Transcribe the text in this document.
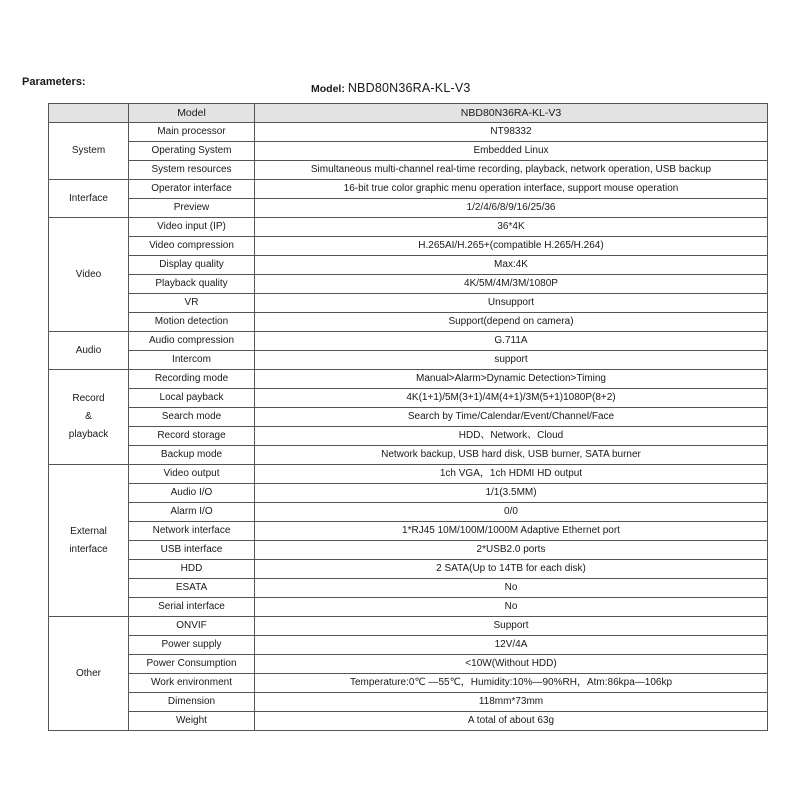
Parameters:
Model: NBD80N36RA-KL-V3
	Model	NBD80N36RA-KL-V3
System	Main processor	NT98332
	Operating System	Embedded Linux
	System resources	Simultaneous multi-channel real-time recording, playback, network operation, USB backup
Interface	Operator interface	16-bit true color graphic menu operation interface, support mouse operation
	Preview	1/2/4/6/8/9/16/25/36
Video	Video input (IP)	36*4K
	Video compression	H.265AI/H.265+(compatible H.265/H.264)
	Display quality	Max:4K
	Playback quality	4K/5M/4M/3M/1080P
	VR	Unsupport
	Motion detection	Support(depend on camera)
Audio	Audio compression	G.711A
	Intercom	support

Record
&
playback	Recording mode	Manual>Alarm>Dynamic Detection>Timing
	Local payback	4K(1+1)/5M(3+1)/4M(4+1)/3M(5+1)1080P(8+2)
	Search mode	Search by Time/Calendar/Event/Channel/Face
	Record storage	HDD、Network、Cloud
	Backup mode	Network backup, USB hard disk, USB burner, SATA burner

External
interface	Video output	1ch VGA，1ch HDMI HD output
	Audio I/O	1/1(3.5MM)
	Alarm I/O	0/0
	Network interface	1*RJ45 10M/100M/1000M Adaptive Ethernet port
	USB interface	2*USB2.0 ports
	HDD	2 SATA(Up to 14TB for each disk)
	ESATA	No
	Serial interface	No
Other	ONVIF	Support
	Power supply	12V/4A
	Power Consumption	<10W(Without HDD)
	Work environment	Temperature:0℃ —55℃，Humidity:10%—90%RH，Atm:86kpa—106kp
	Dimension	118mm*73mm
	Weight	A total of about 63g
